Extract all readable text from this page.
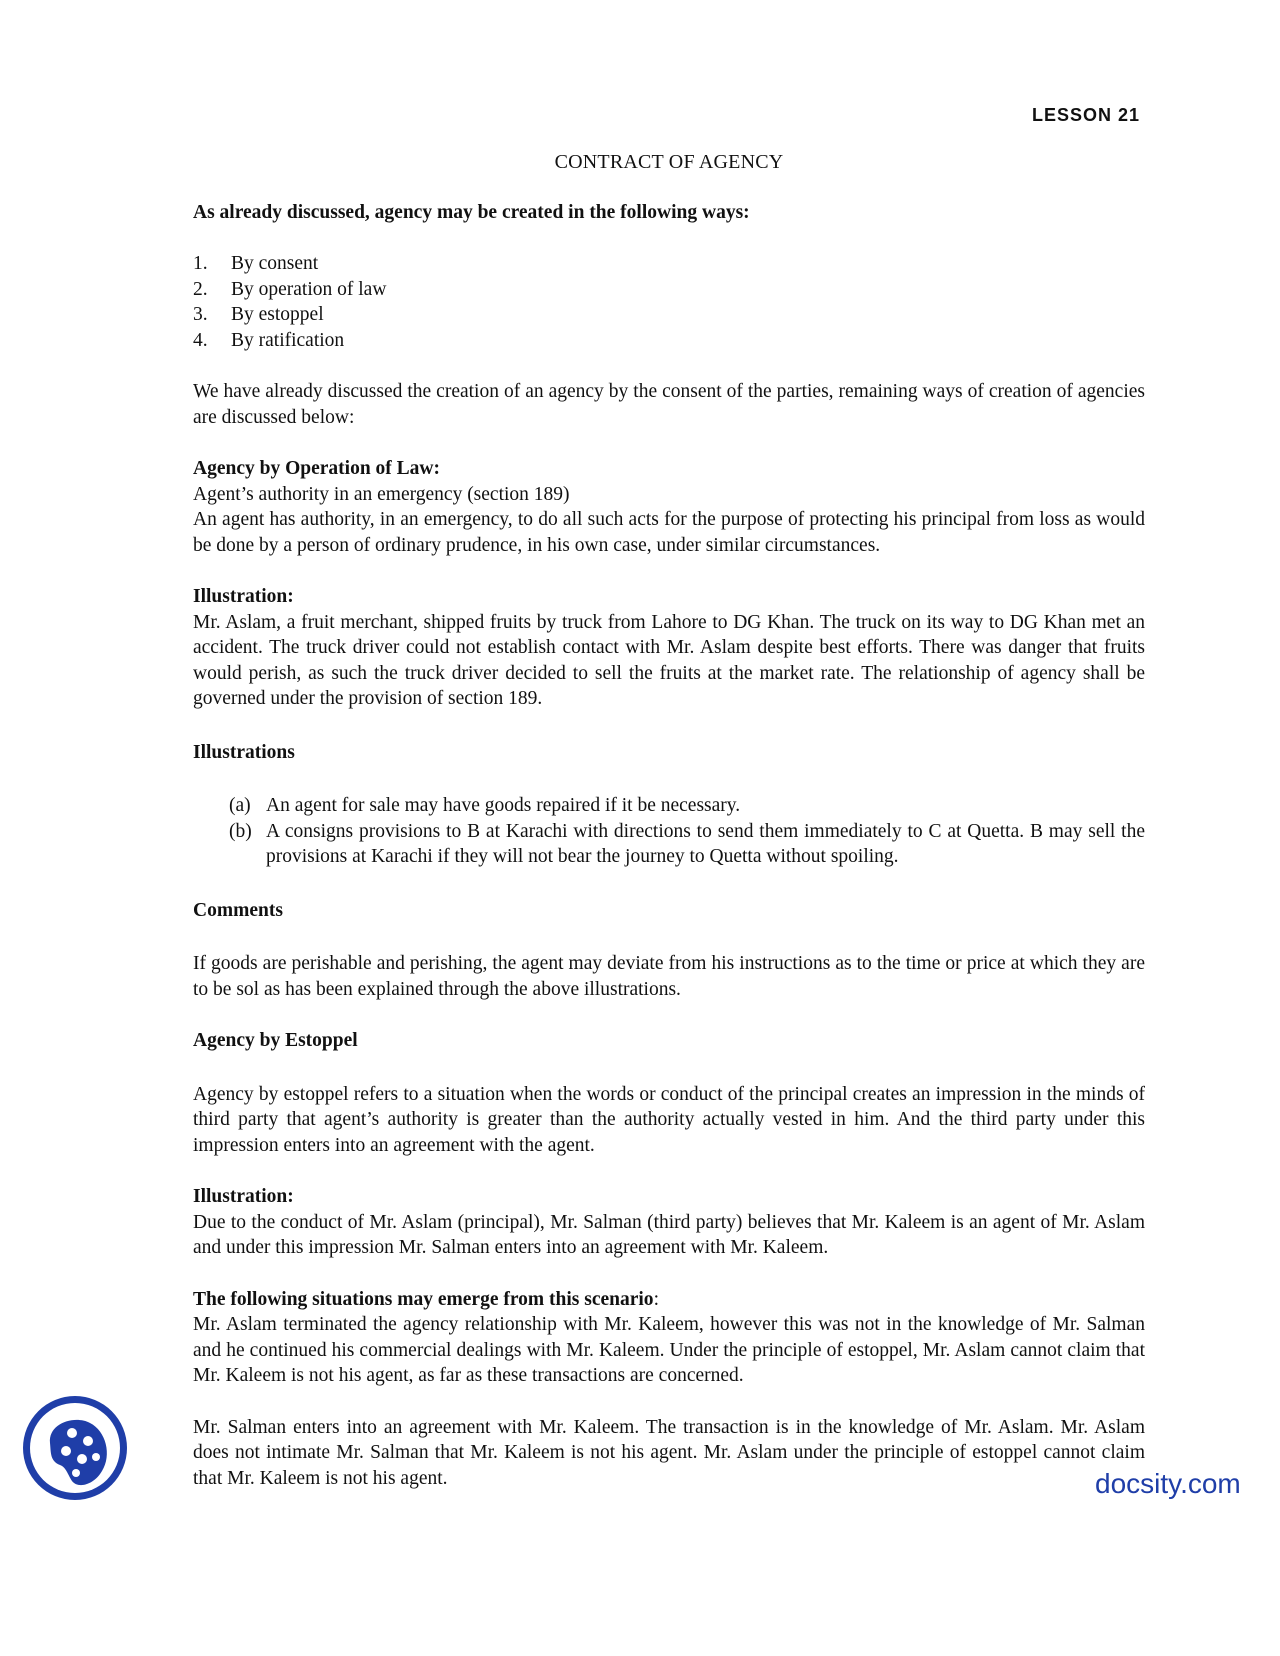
LESSON 21
CONTRACT OF AGENCY

As already discussed, agency may be created in the following ways:

1.	By consent
2.	By operation of law
3.	By estoppel
4.	By ratification

We have already discussed the creation of an agency by the consent of the parties, remaining ways of creation of agencies are discussed below:

Agency by Operation of Law:

Agent’s authority in an emergency (section 189)

An agent has authority, in an emergency, to do all such acts for the purpose of protecting his principal from loss as would be done by a person of ordinary prudence, in his own case, under similar circumstances.

Illustration:

Mr. Aslam, a fruit merchant, shipped fruits by truck from Lahore to DG Khan. The truck on its way to DG Khan met an accident. The truck driver could not establish contact with Mr. Aslam despite best efforts. There was danger that fruits would perish, as such the truck driver decided to sell the fruits at the market rate. The relationship of agency shall be governed under the provision of section 189.

Illustrations

(a) An agent for sale may have goods repaired if it be necessary.
(b) A consigns provisions to B at Karachi with directions to send them immediately to C at Quetta. B may sell the provisions at Karachi if they will not bear the journey to Quetta without spoiling.

Comments

If goods are perishable and perishing, the agent may deviate from his instructions as to the time or price at which they are to be sol as has been explained through the above illustrations.

Agency by Estoppel

Agency by estoppel refers to a situation when the words or conduct of the principal creates an impression in the minds of third party that agent’s authority is greater than the authority actually vested in him. And the third party under this impression enters into an agreement with the agent.

Illustration:

Due to the conduct of Mr. Aslam (principal), Mr. Salman (third party) believes that Mr. Kaleem is an agent of Mr. Aslam and under this impression Mr. Salman enters into an agreement with Mr. Kaleem.

The following situations may emerge from this scenario:

Mr. Aslam terminated the agency relationship with Mr. Kaleem, however this was not in the knowledge of Mr. Salman and he continued his commercial dealings with Mr. Kaleem. Under the principle of estoppel, Mr. Aslam cannot claim that Mr. Kaleem is not his agent, as far as these transactions are concerned.

Mr. Salman enters into an agreement with Mr. Kaleem. The transaction is in the knowledge of Mr. Aslam. Mr. Aslam does not intimate Mr. Salman that Mr. Kaleem is not his agent. Mr. Aslam under the principle of estoppel cannot claim that Mr. Kaleem is not his agent.	docsity.com
